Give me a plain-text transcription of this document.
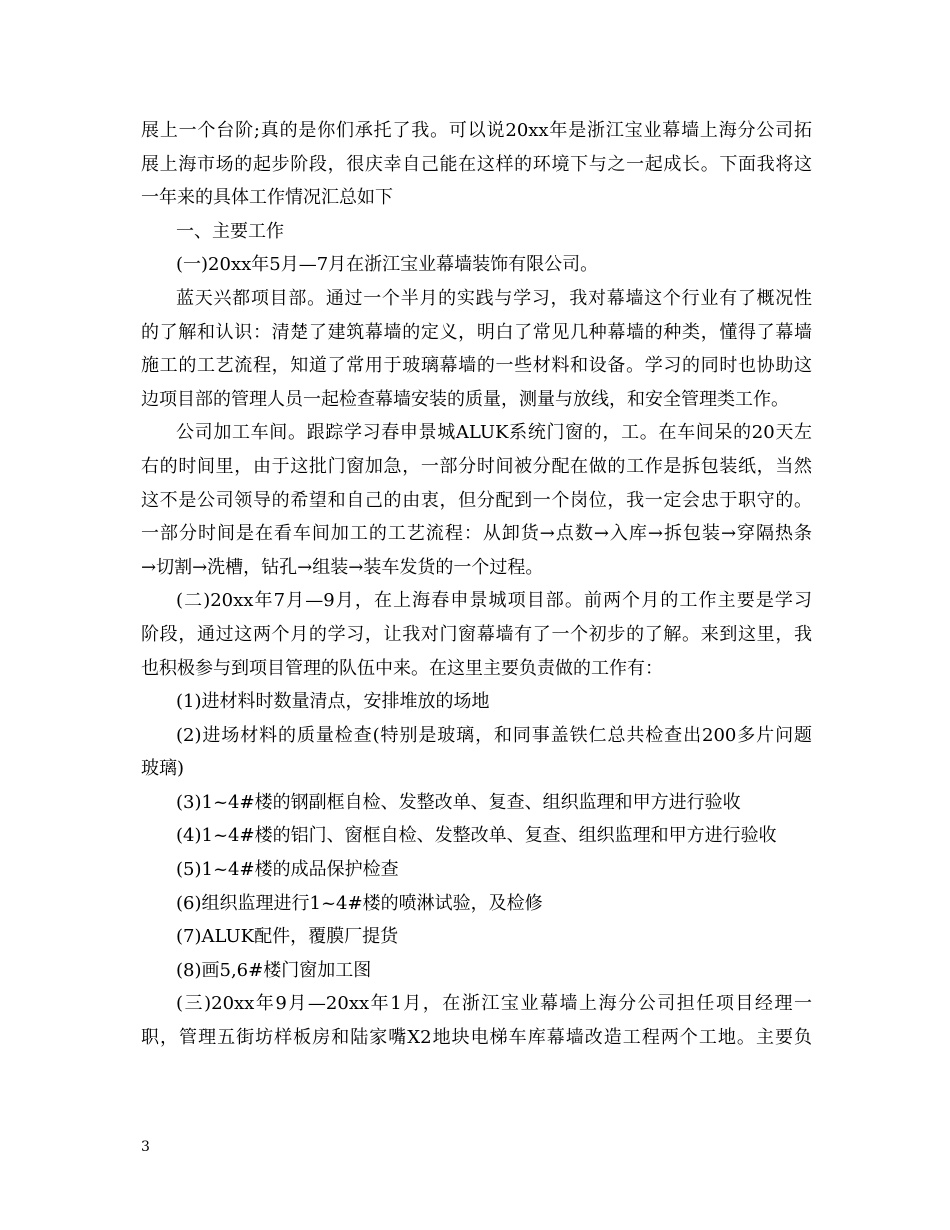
展上一个台阶;真的是你们承托了我。可以说20xx年是浙江宝业幕墙上海分公司拓
展上海市场的起步阶段，很庆幸自己能在这样的环境下与之一起成长。下面我将这
一年来的具体工作情况汇总如下
一、主要工作
(一)20xx年5月—7月在浙江宝业幕墙装饰有限公司。
蓝天兴都项目部。通过一个半月的实践与学习，我对幕墙这个行业有了概况性
的了解和认识：清楚了建筑幕墙的定义，明白了常见几种幕墙的种类，懂得了幕墙
施工的工艺流程，知道了常用于玻璃幕墙的一些材料和设备。学习的同时也协助这
边项目部的管理人员一起检查幕墙安装的质量，测量与放线，和安全管理类工作。
公司加工车间。跟踪学习春申景城ALUK系统门窗的，工。在车间呆的20天左
右的时间里，由于这批门窗加急，一部分时间被分配在做的工作是拆包装纸，当然
这不是公司领导的希望和自己的由衷，但分配到一个岗位，我一定会忠于职守的。
一部分时间是在看车间加工的工艺流程：从卸货→点数→入库→拆包装→穿隔热条
→切割→洗槽，钻孔→组装→装车发货的一个过程。
(二)20xx年7月—9月，在上海春申景城项目部。前两个月的工作主要是学习
阶段，通过这两个月的学习，让我对门窗幕墙有了一个初步的了解。来到这里，我
也积极参与到项目管理的队伍中来。在这里主要负责做的工作有：
(1)进材料时数量清点，安排堆放的场地
(2)进场材料的质量检查(特别是玻璃，和同事盖铁仁总共检查出200多片问题
玻璃)
(3)1~4#楼的钢副框自检、发整改单、复查、组织监理和甲方进行验收
(4)1~4#楼的铝门、窗框自检、发整改单、复查、组织监理和甲方进行验收
(5)1~4#楼的成品保护检查
(6)组织监理进行1~4#楼的喷淋试验，及检修
(7)ALUK配件，覆膜厂提货
(8)画5,6#楼门窗加工图
(三)20xx年9月—20xx年1月，在浙江宝业幕墙上海分公司担任项目经理一
职，管理五街坊样板房和陆家嘴X2地块电梯车库幕墙改造工程两个工地。主要负
3
